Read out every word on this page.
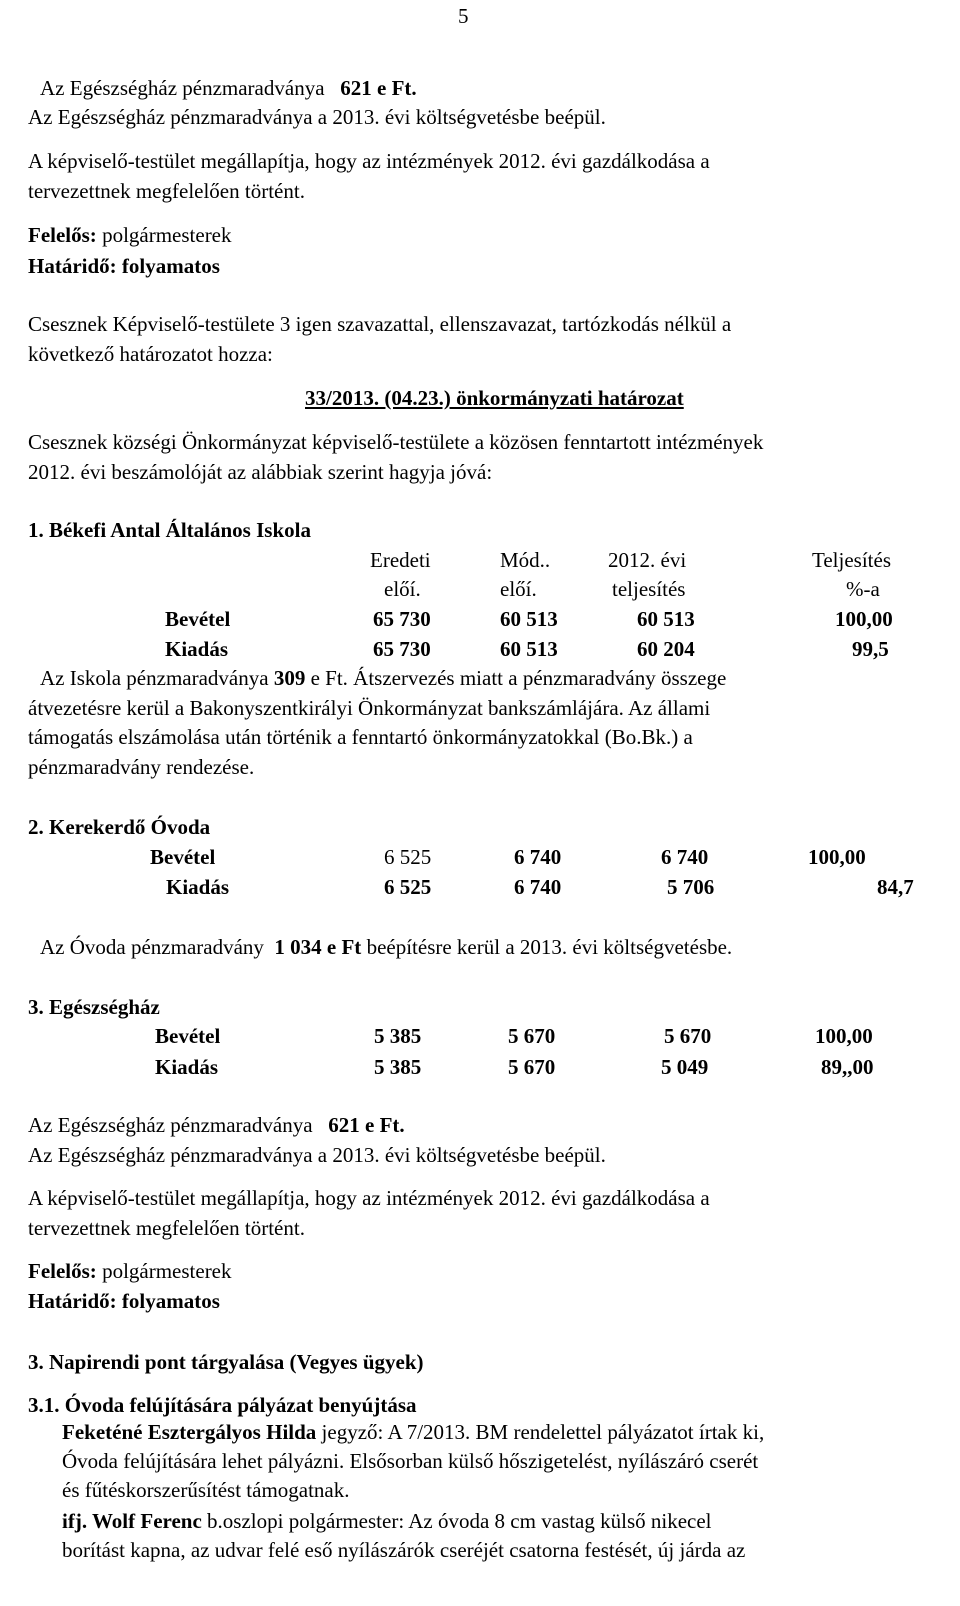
5
Az Egészségház pénzmaradványa 621 e Ft.
Az Egészségház pénzmaradványa a 2013. évi költségvetésbe beépül.
A képviselő-testület megállapítja, hogy az intézmények 2012. évi gazdálkodása a
tervezettnek megfelelően történt.
Felelős: polgármesterek
Határidő: folyamatos
Csesznek Képviselő-testülete 3 igen szavazattal, ellenszavazat, tartózkodás nélkül a
következő határozatot hozza:
33/2013. (04.23.) önkormányzati határozat
Csesznek községi Önkormányzat képviselő-testülete a közösen fenntartott intézmények
2012. évi beszámolóját az alábbiak szerint hagyja jóvá:
1. Békefi Antal Általános Iskola
Eredeti	Mód..	2012. évi	Teljesítés
előí.	előí.	teljesítés	%-a
Bevétel	65 730	60 513	60 513	100,00
Kiadás	65 730	60 513	60 204	99,5
Az Iskola pénzmaradványa 309 e Ft. Átszervezés miatt a pénzmaradvány összege
átvezetésre kerül a Bakonyszentkirályi Önkormányzat bankszámlájára. Az állami
támogatás elszámolása után történik a fenntartó önkormányzatokkal (Bo.Bk.) a
pénzmaradvány rendezése.
2. Kerekerdő Óvoda
Bevétel	6 525	6 740	6 740	100,00
Kiadás	6 525	6 740	5 706	84,7
Az Óvoda pénzmaradvány 1 034 e Ft beépítésre kerül a 2013. évi költségvetésbe.
3. Egészségház
Bevétel	5 385	5 670	5 670	100,00
Kiadás	5 385	5 670	5 049	89,,00
Az Egészségház pénzmaradványa 621 e Ft.
Az Egészségház pénzmaradványa a 2013. évi költségvetésbe beépül.
A képviselő-testület megállapítja, hogy az intézmények 2012. évi gazdálkodása a
tervezettnek megfelelően történt.
Felelős: polgármesterek
Határidő: folyamatos
3. Napirendi pont tárgyalása (Vegyes ügyek)
3.1. Óvoda felújítására pályázat benyújtása
Feketéné Esztergályos Hilda jegyző: A 7/2013. BM rendelettel pályázatot írtak ki,
Óvoda felújítására lehet pályázni. Elsősorban külső hőszigetelést, nyílászáró cserét
és fűtéskorszerűsítést támogatnak.
ifj. Wolf Ferenc b.oszlopi polgármester: Az óvoda 8 cm vastag külső nikecel
borítást kapna, az udvar felé eső nyílászárók cseréjét csatorna festését, új járda az
